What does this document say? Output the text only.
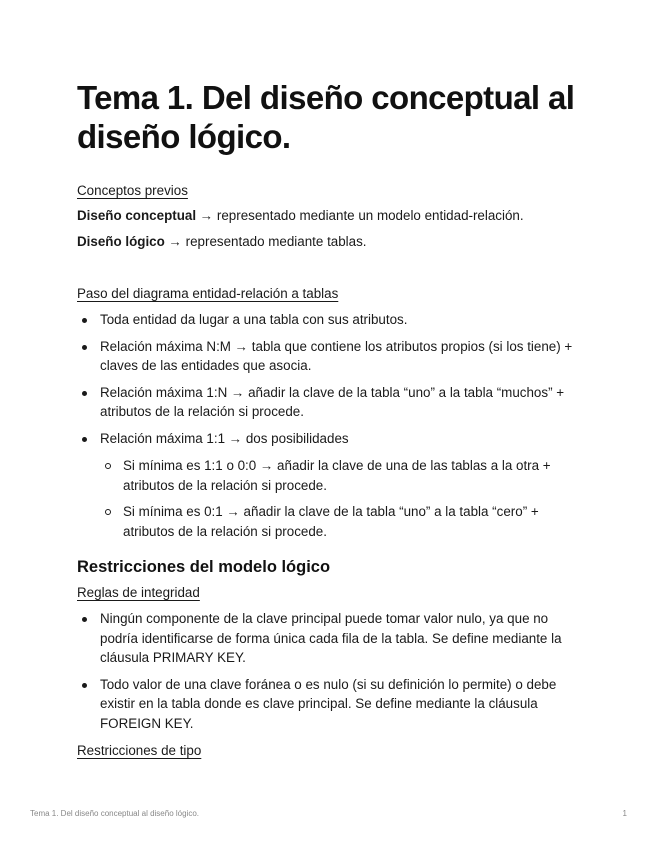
Tema 1. Del diseño conceptual al diseño lógico.
Conceptos previos
Diseño conceptual → representado mediante un modelo entidad-relación.
Diseño lógico → representado mediante tablas.
Paso del diagrama entidad-relación a tablas
Toda entidad da lugar a una tabla con sus atributos.
Relación máxima N:M → tabla que contiene los atributos propios (si los tiene) + claves de las entidades que asocia.
Relación máxima 1:N → añadir la clave de la tabla “uno” a la tabla “muchos” + atributos de la relación si procede.
Relación máxima 1:1 → dos posibilidades
Si mínima es 1:1 o 0:0 → añadir la clave de una de las tablas a la otra + atributos de la relación si procede.
Si mínima es 0:1 → añadir la clave de la tabla “uno” a la tabla “cero” + atributos de la relación si procede.
Restricciones del modelo lógico
Reglas de integridad
Ningún componente de la clave principal puede tomar valor nulo, ya que no podría identificarse de forma única cada fila de la tabla. Se define mediante la cláusula PRIMARY KEY.
Todo valor de una clave foránea o es nulo (si su definición lo permite) o debe existir en la tabla donde es clave principal. Se define mediante la cláusula FOREIGN KEY.
Restricciones de tipo
Tema 1. Del diseño conceptual al diseño lógico.	1
